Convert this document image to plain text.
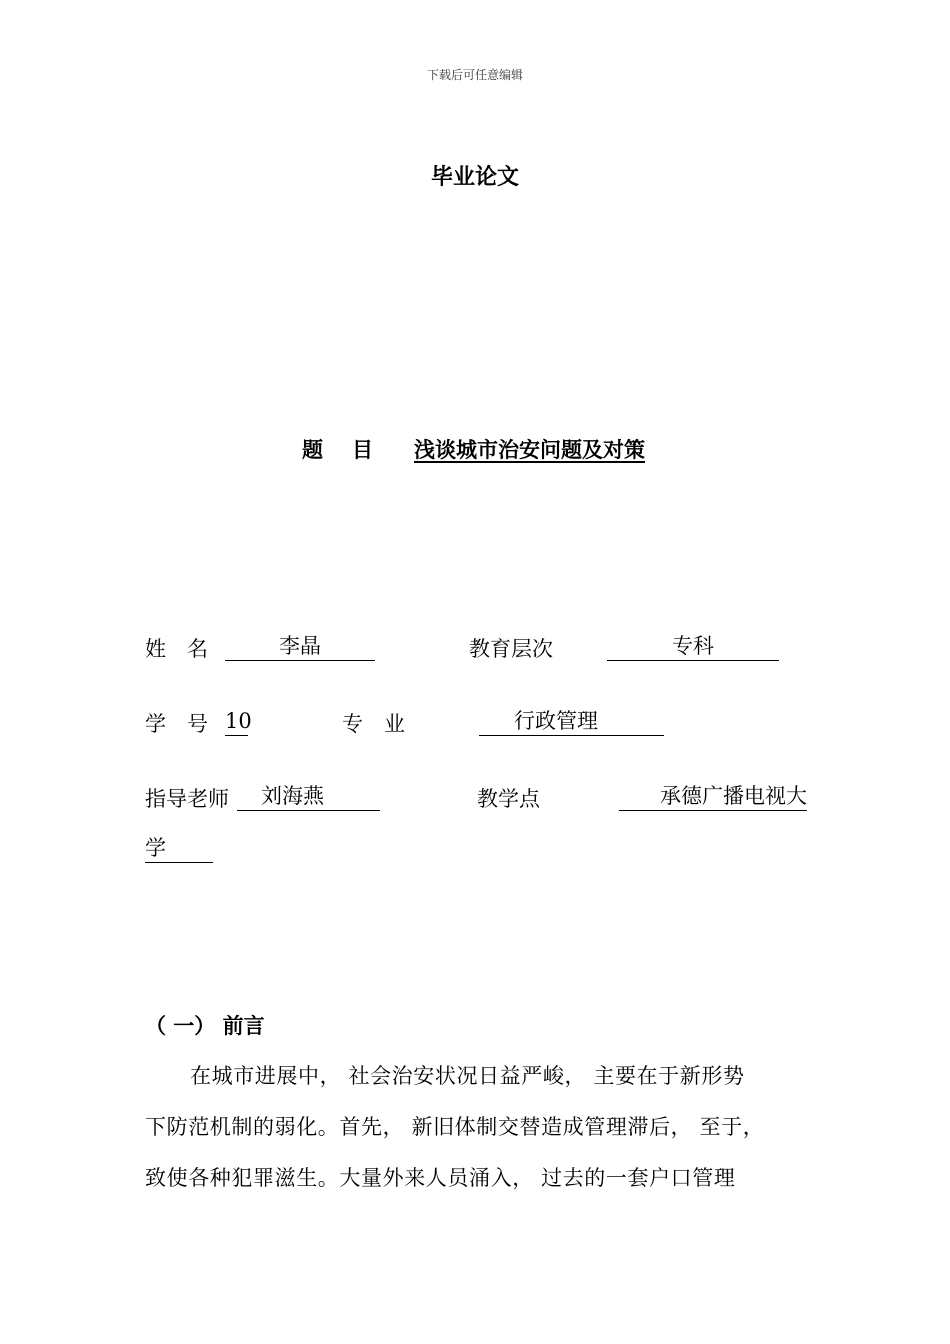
下载后可任意编辑
毕业论文
题目 浅谈城市治安问题及对策
姓　名	李晶	教育层次	专科
学　号 10	专　业	行政管理
指导老师	刘海燕	教学点	承德广播电视大
学
（ 一） 前言
在城市进展中， 社会治安状况日益严峻， 主要在于新形势
下防范机制的弱化。首先， 新旧体制交替造成管理滞后， 至于，
致使各种犯罪滋生。大量外来人员涌入， 过去的一套户口管理
